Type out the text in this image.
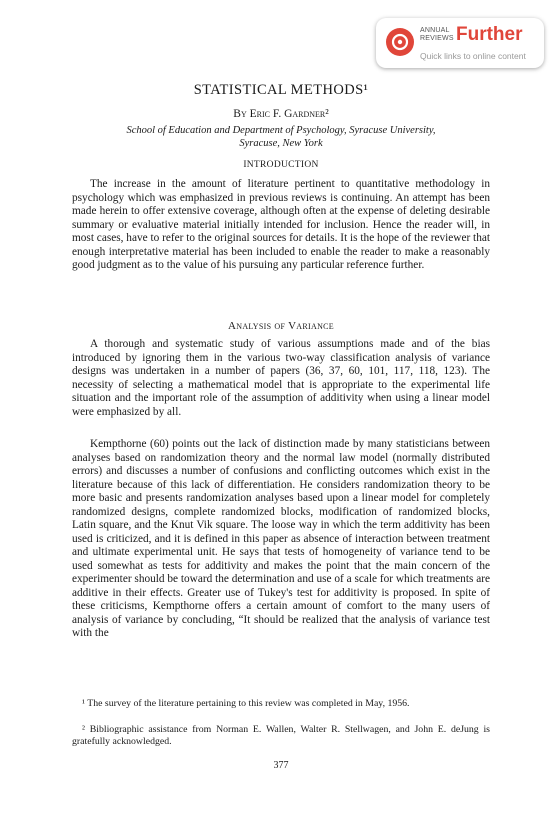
ANNUAL
REVIEWS Further
Quick links to online content
STATISTICAL METHODS¹
By Eric F. Gardner²
School of Education and Department of Psychology, Syracuse University,
Syracuse, New York
INTRODUCTION

The increase in the amount of literature pertinent to quantitative methodology in psychology which was emphasized in previous reviews is continuing. An attempt has been made herein to offer extensive coverage, although often at the expense of deleting desirable summary or evaluative material initially intended for inclusion. Hence the reader will, in most cases, have to refer to the original sources for details. It is the hope of the reviewer that enough interpretative material has been included to enable the reader to make a reasonably good judgment as to the value of his pursuing any particular reference further.

Analysis of Variance

A thorough and systematic study of various assumptions made and of the bias introduced by ignoring them in the various two-way classification analysis of variance designs was undertaken in a number of papers (36, 37, 60, 101, 117, 118, 123). The necessity of selecting a mathematical model that is appropriate to the experimental life situation and the important role of the assumption of additivity when using a linear model were emphasized by all.

Kempthorne (60) points out the lack of distinction made by many statisticians between analyses based on randomization theory and the normal law model (normally distributed errors) and discusses a number of confusions and conflicting outcomes which exist in the literature because of this lack of differentiation. He considers randomization theory to be more basic and presents randomization analyses based upon a linear model for completely randomized designs, complete randomized blocks, modification of randomized blocks, Latin square, and the Knut Vik square. The loose way in which the term additivity has been used is criticized, and it is defined in this paper as absence of interaction between treatment and ultimate experimental unit. He says that tests of homogeneity of variance tend to be used somewhat as tests for additivity and makes the point that the main concern of the experimenter should be toward the determination and use of a scale for which treatments are additive in their effects. Greater use of Tukey's test for additivity is proposed. In spite of these criticisms, Kempthorne offers a certain amount of comfort to the many users of analysis of variance by concluding, “It should be realized that the analysis of variance test with the

¹ The survey of the literature pertaining to this review was completed in May, 1956.

² Bibliographic assistance from Norman E. Wallen, Walter R. Stellwagen, and John E. deJung is gratefully acknowledged.

377
